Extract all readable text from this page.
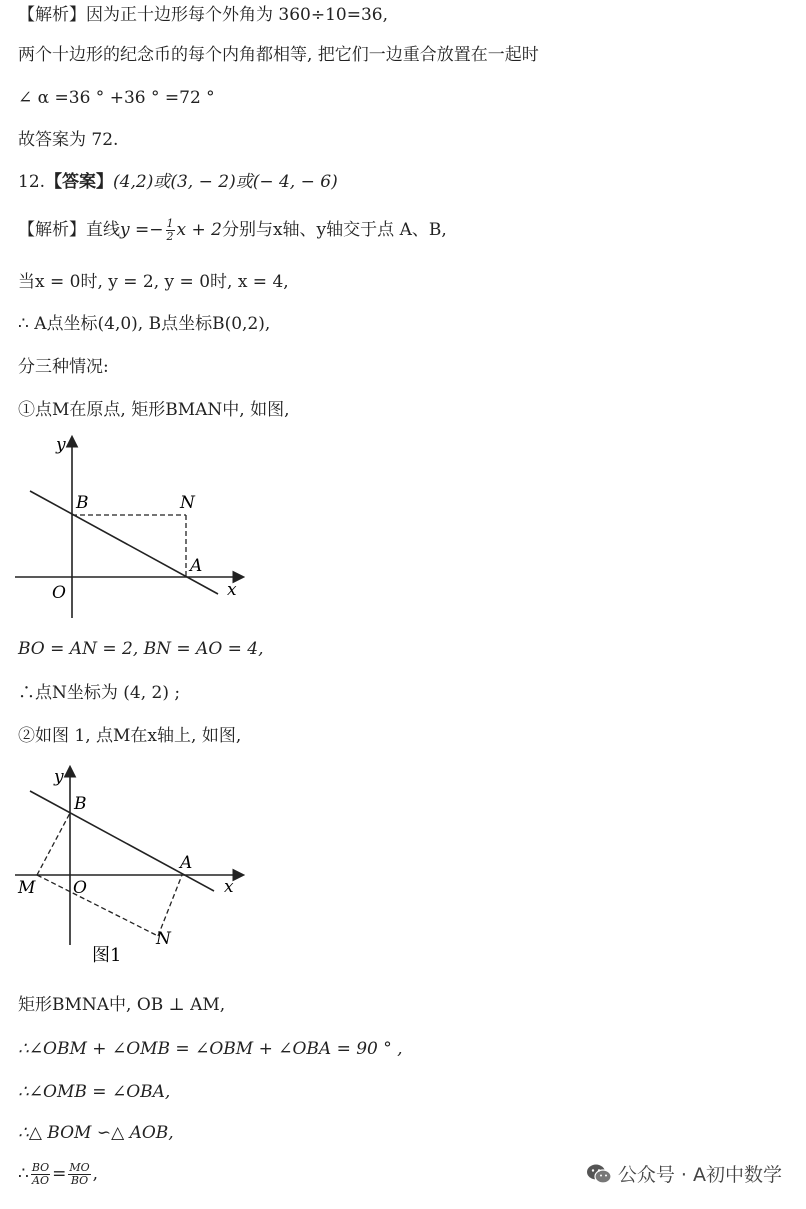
【解析】因为正十边形每个外角为 360÷10=36,
两个十边形的纪念币的每个内角都相等, 把它们一边重合放置在一起时
∠ α =36 ° +36 ° =72 °
故答案为 72.
12.【答案】(4,2)或(3, − 2)或(− 4, − 6)
【解析】直线$y =- \frac{1}{2}$ x + 2分别与x轴、y轴交于点 A、B,
当x = 0时, y = 2, y = 0时, x = 4,
∴ A点坐标(4,0), B点坐标B(0,2),
分三种情况:
①点M在原点, 矩形BMAN中, 如图,
y
x
B	N
A
O
BO = AN = 2, BN = AO = 4,
∴点N坐标为 (4, 2) ;
②如图 1, 点M在x轴上, 如图,
y
x
B
A
M O
N
图1
矩形BMNA中, OB ⊥ AM,
∴∠OBM + ∠OMB = ∠OBM + ∠OBA = 90 ° ,
∴∠OMB = ∠OBA,
∴△ BOM ∽△ AOB,
∴ $\frac{BO}{AO} = \frac{MO}{BO}$ ,	公众号 · A初中数学
